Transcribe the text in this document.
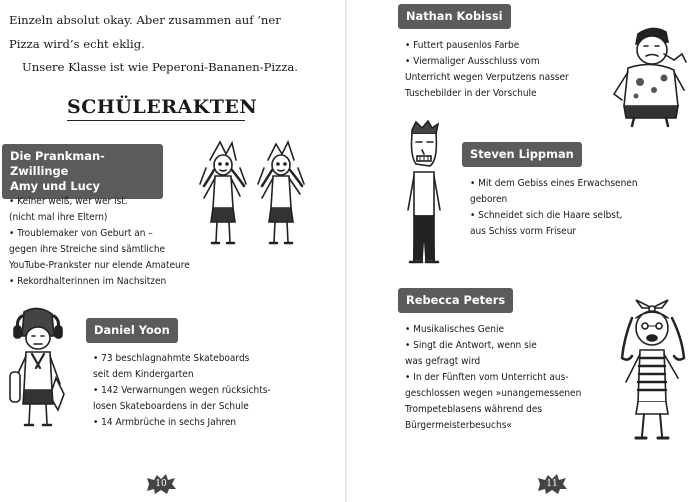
Einzeln absolut okay. Aber zusammen auf ’ner

Pizza wird’s echt eklig.

Unsere Klasse ist wie Peperoni-Bananen-Pizza.

SCHÜLERAKTEN
Die Prankman-Zwillinge
Amy und Lucy
• Keiner weiß, wer wer ist.
(nicht mal ihre Eltern)
• Troublemaker von Geburt an –
gegen ihre Streiche sind sämtliche
YouTube-Prankster nur elende Amateure
• Rekordhalterinnen im Nachsitzen
Daniel Yoon
• 73 beschlagnahmte Skateboards
seit dem Kindergarten
• 142 Verwarnungen wegen rücksichts-
losen Skateboardens in der Schule
• 14 Armbrüche in sechs Jahren
10
Nathan Kobissi
• Futtert pausenlos Farbe
• Viermaliger Ausschluss vom
Unterricht wegen Verputzens nasser
Tuschebilder in der Vorschule
Steven Lippman
• Mit dem Gebiss eines Erwachsenen
geboren
• Schneidet sich die Haare selbst,
aus Schiss vorm Friseur
Rebecca Peters
• Musikalisches Genie
• Singt die Antwort, wenn sie
was gefragt wird
• In der Fünften vom Unterricht aus-
geschlossen wegen »unangemessenen
Trompeteblasens während des
Bürgermeisterbesuchs«
11
